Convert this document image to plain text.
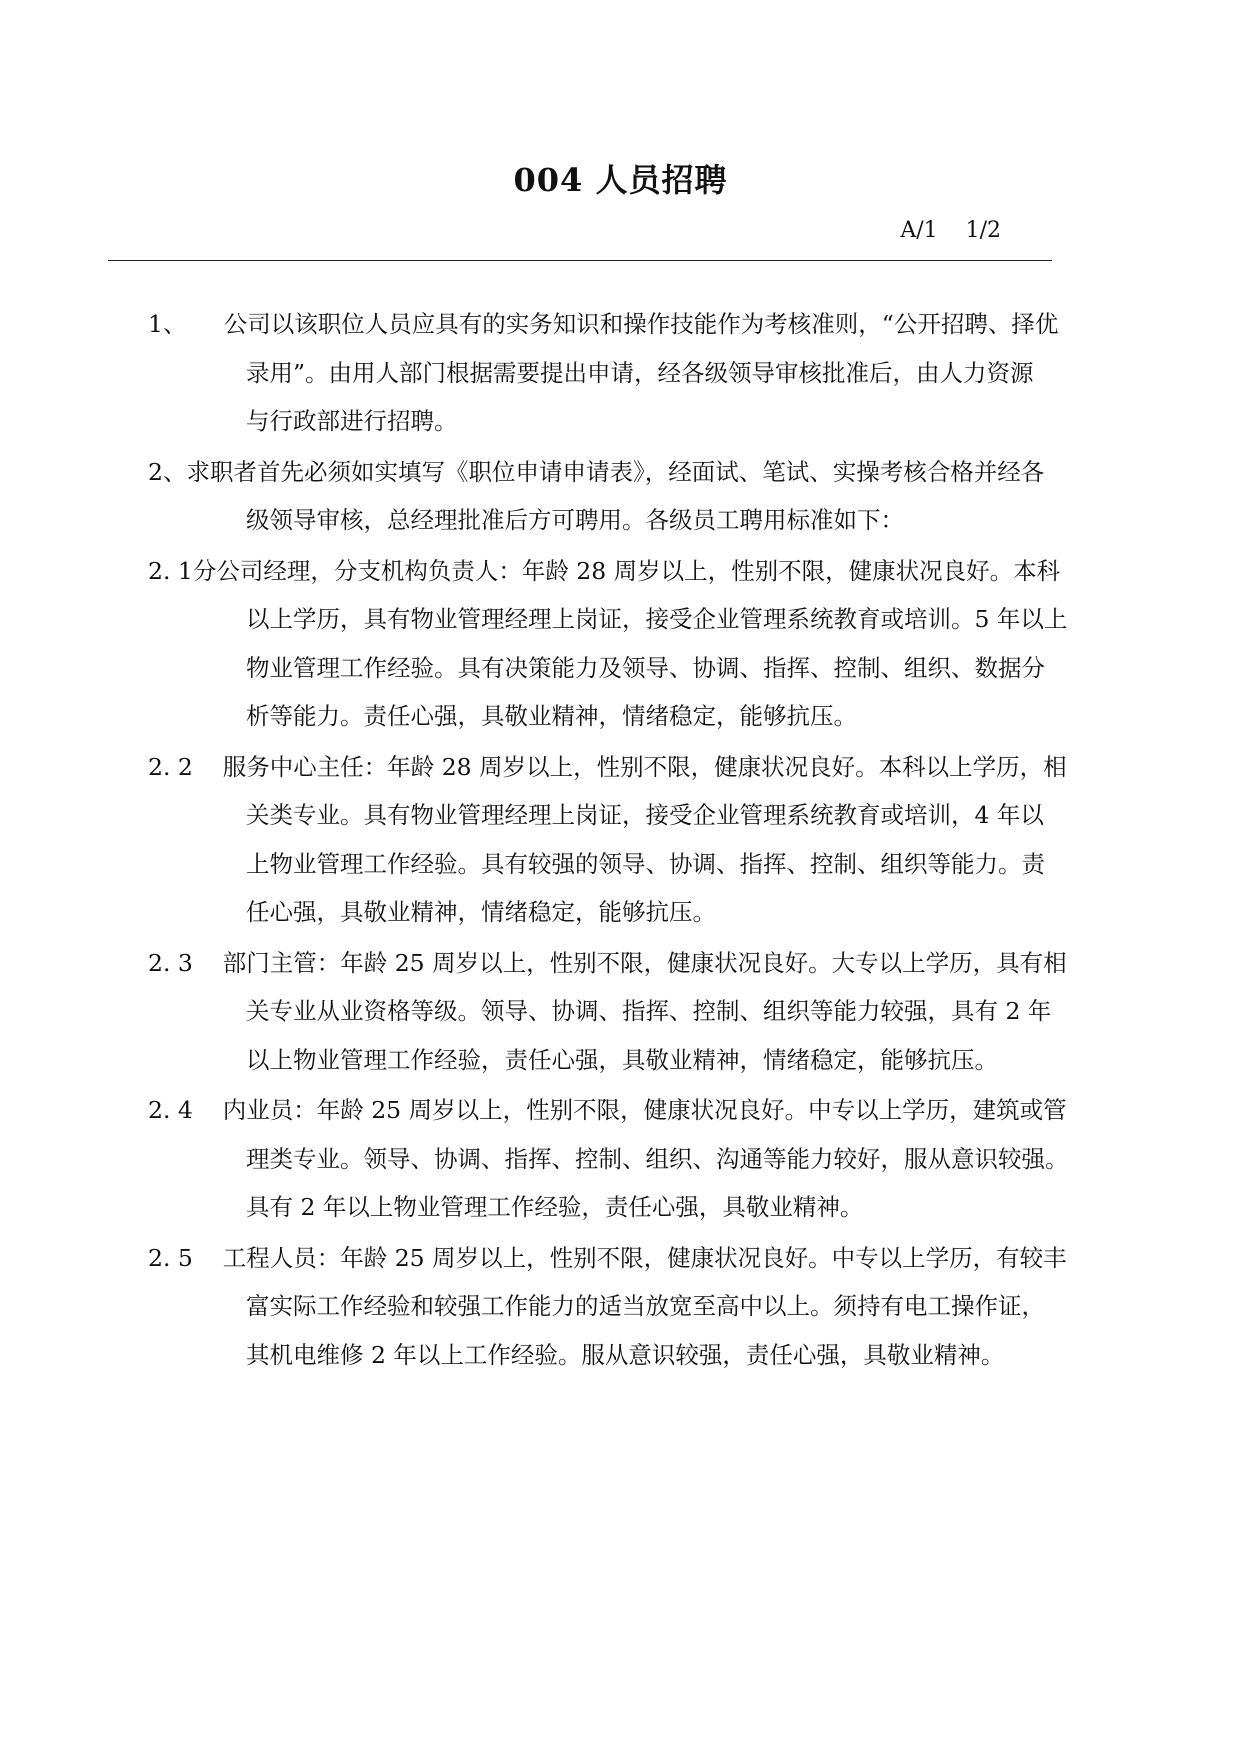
004 人员招聘
A/1 1/2
1、     公司以该职位人员应具有的实务知识和操作技能作为考核准则，“公开招聘、择优
录用”。由用人部门根据需要提出申请，经各级领导审核批准后，由人力资源
与行政部进行招聘。
2、求职者首先必须如实填写《职位申请申请表》，经面试、笔试、实操考核合格并经各
级领导审核，总经理批准后方可聘用。各级员工聘用标准如下：
2. 1分公司经理，分支机构负责人：年龄 28 周岁以上，性别不限，健康状况良好。本科
以上学历，具有物业管理经理上岗证，接受企业管理系统教育或培训。5 年以上
物业管理工作经验。具有决策能力及领导、协调、指挥、控制、组织、数据分
析等能力。责任心强，具敬业精神，情绪稳定，能够抗压。
2. 2    服务中心主任：年龄 28 周岁以上，性别不限，健康状况良好。本科以上学历，相
关类专业。具有物业管理经理上岗证，接受企业管理系统教育或培训，4 年以
上物业管理工作经验。具有较强的领导、协调、指挥、控制、组织等能力。责
任心强，具敬业精神，情绪稳定，能够抗压。
2. 3    部门主管：年龄 25 周岁以上，性别不限，健康状况良好。大专以上学历，具有相
关专业从业资格等级。领导、协调、指挥、控制、组织等能力较强，具有 2 年
以上物业管理工作经验，责任心强，具敬业精神，情绪稳定，能够抗压。
2. 4    内业员：年龄 25 周岁以上，性别不限，健康状况良好。中专以上学历，建筑或管
理类专业。领导、协调、指挥、控制、组织、沟通等能力较好，服从意识较强。
具有 2 年以上物业管理工作经验，责任心强，具敬业精神。
2. 5    工程人员：年龄 25 周岁以上，性别不限，健康状况良好。中专以上学历，有较丰
富实际工作经验和较强工作能力的适当放宽至高中以上。须持有电工操作证，
其机电维修 2 年以上工作经验。服从意识较强，责任心强，具敬业精神。
